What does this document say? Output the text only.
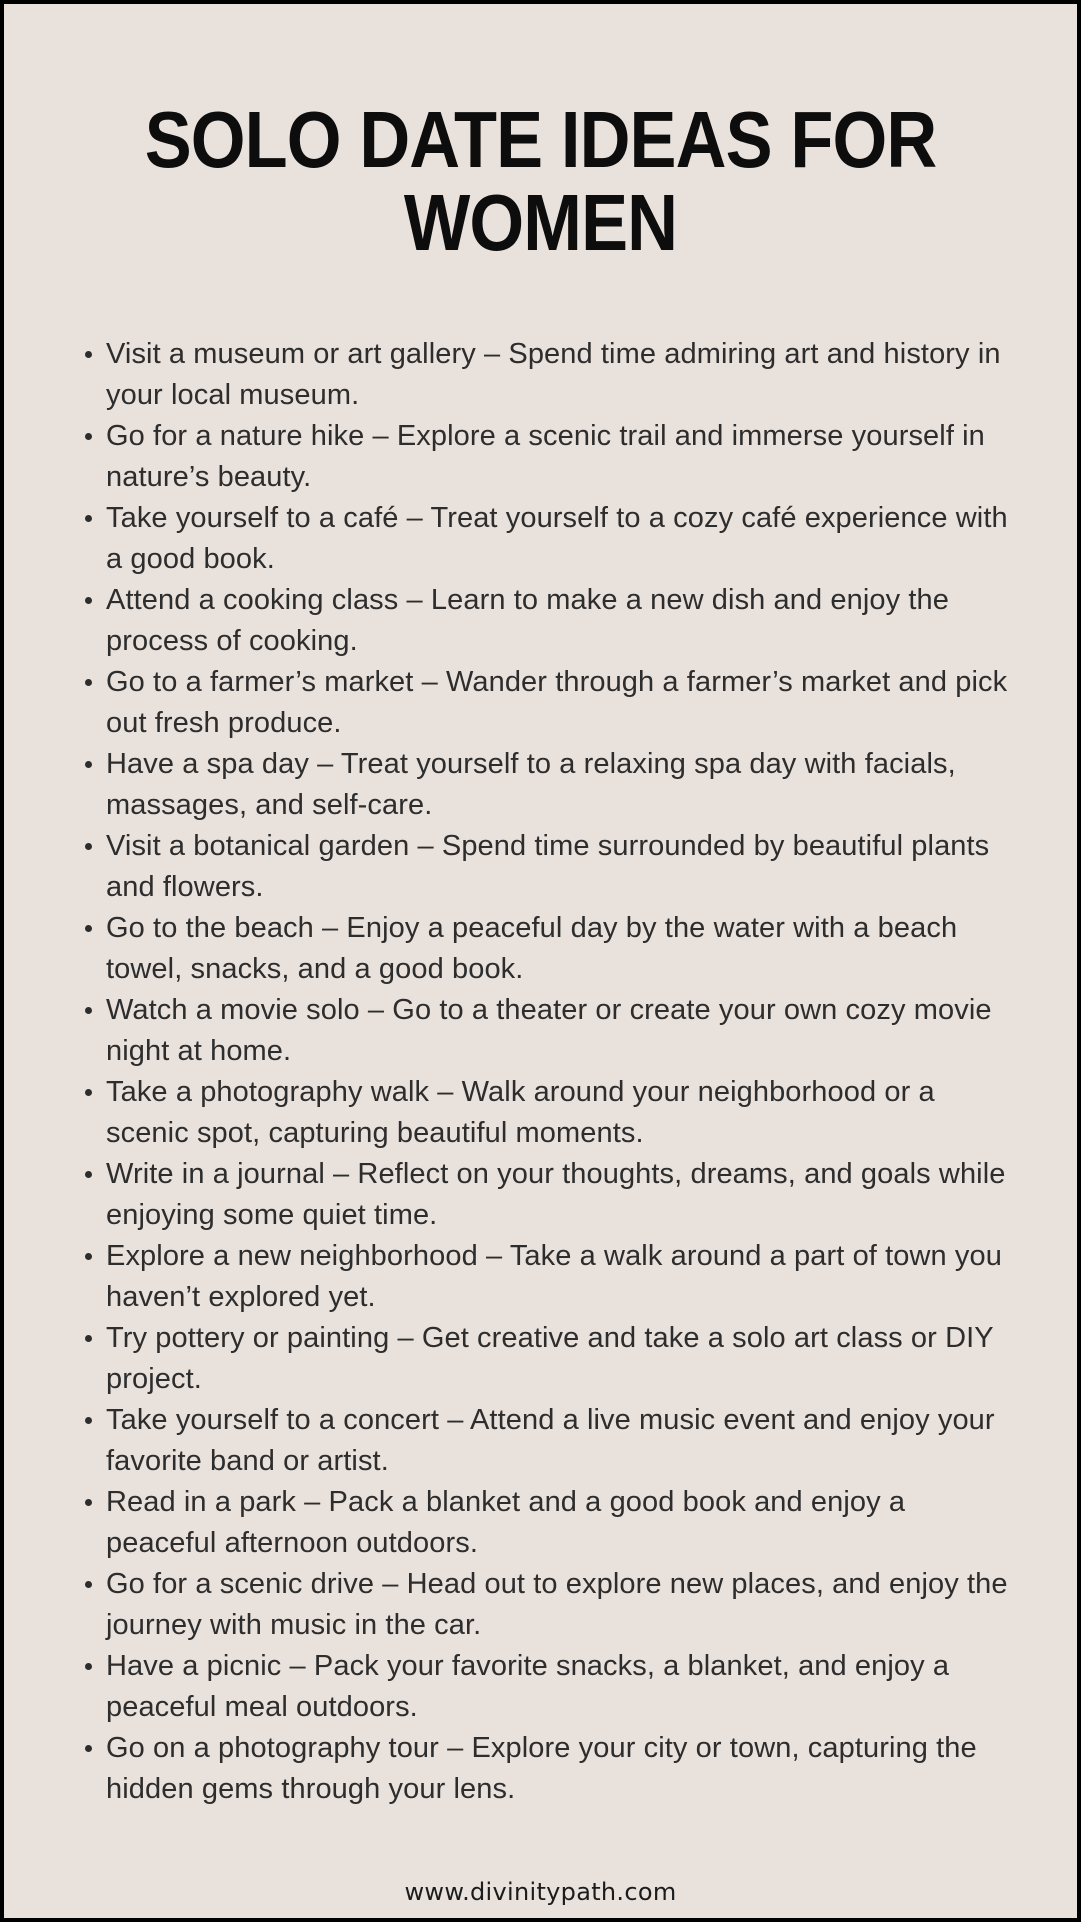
SOLO DATE IDEAS FOR
WOMEN
Visit a museum or art gallery – Spend time admiring art and history in your local museum.
Go for a nature hike – Explore a scenic trail and immerse yourself in nature’s beauty.
Take yourself to a café – Treat yourself to a cozy café experience with a good book.
Attend a cooking class – Learn to make a new dish and enjoy the process of cooking.
Go to a farmer’s market – Wander through a farmer’s market and pick out fresh produce.
Have a spa day – Treat yourself to a relaxing spa day with facials, massages, and self-care.
Visit a botanical garden – Spend time surrounded by beautiful plants and flowers.
Go to the beach – Enjoy a peaceful day by the water with a beach towel, snacks, and a good book.
Watch a movie solo – Go to a theater or create your own cozy movie night at home.
Take a photography walk – Walk around your neighborhood or a scenic spot, capturing beautiful moments.
Write in a journal – Reflect on your thoughts, dreams, and goals while enjoying some quiet time.
Explore a new neighborhood – Take a walk around a part of town you haven’t explored yet.
Try pottery or painting – Get creative and take a solo art class or DIY project.
Take yourself to a concert – Attend a live music event and enjoy your favorite band or artist.
Read in a park – Pack a blanket and a good book and enjoy a peaceful afternoon outdoors.
Go for a scenic drive – Head out to explore new places, and enjoy the journey with music in the car.
Have a picnic – Pack your favorite snacks, a blanket, and enjoy a peaceful meal outdoors.
Go on a photography tour – Explore your city or town, capturing the hidden gems through your lens.
www.divinitypath.com
